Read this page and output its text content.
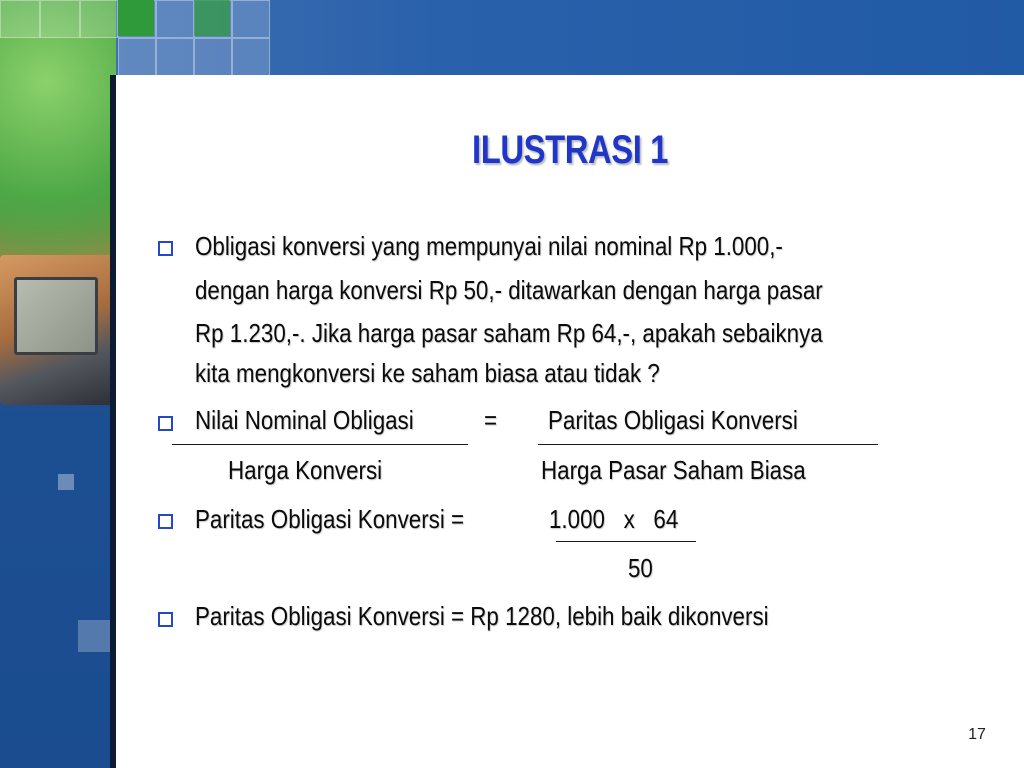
ILUSTRASI 1
Obligasi konversi yang mempunyai nilai nominal Rp 1.000,-
dengan harga konversi Rp 50,- ditawarkan dengan harga pasar
Rp 1.230,-. Jika harga pasar saham Rp 64,-, apakah sebaiknya
kita mengkonversi ke saham biasa atau tidak ?
Nilai Nominal Obligasi	= Paritas Obligasi Konversi
Harga Konversi	Harga Pasar Saham Biasa
Paritas Obligasi Konversi =	1.000   x   64
50
Paritas Obligasi Konversi = Rp 1280, lebih baik dikonversi
17
